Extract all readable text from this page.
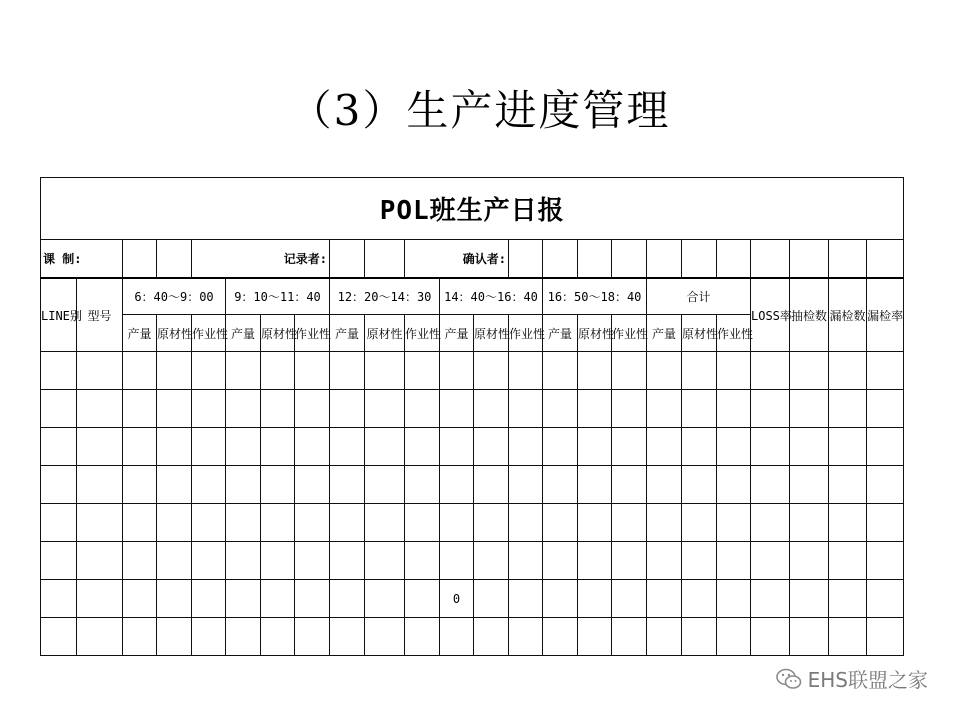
（3）生产进度管理
POL班生产日报																								
课 制:				记录者:						确认者:														
LINE别	型号	6：40～9：00			9：10～11：40			12：20～14：30			14：40～16：40			16：50～18：40			合计			LOSS率	抽检数	漏检数	漏检率	
		产量	原材性	作业性	产量	原材性	作业性	产量	原材性	作业性	产量	原材性	作业性	产量	原材性	作业性	产量	原材性	作业性					

											0													

EHS联盟之家
